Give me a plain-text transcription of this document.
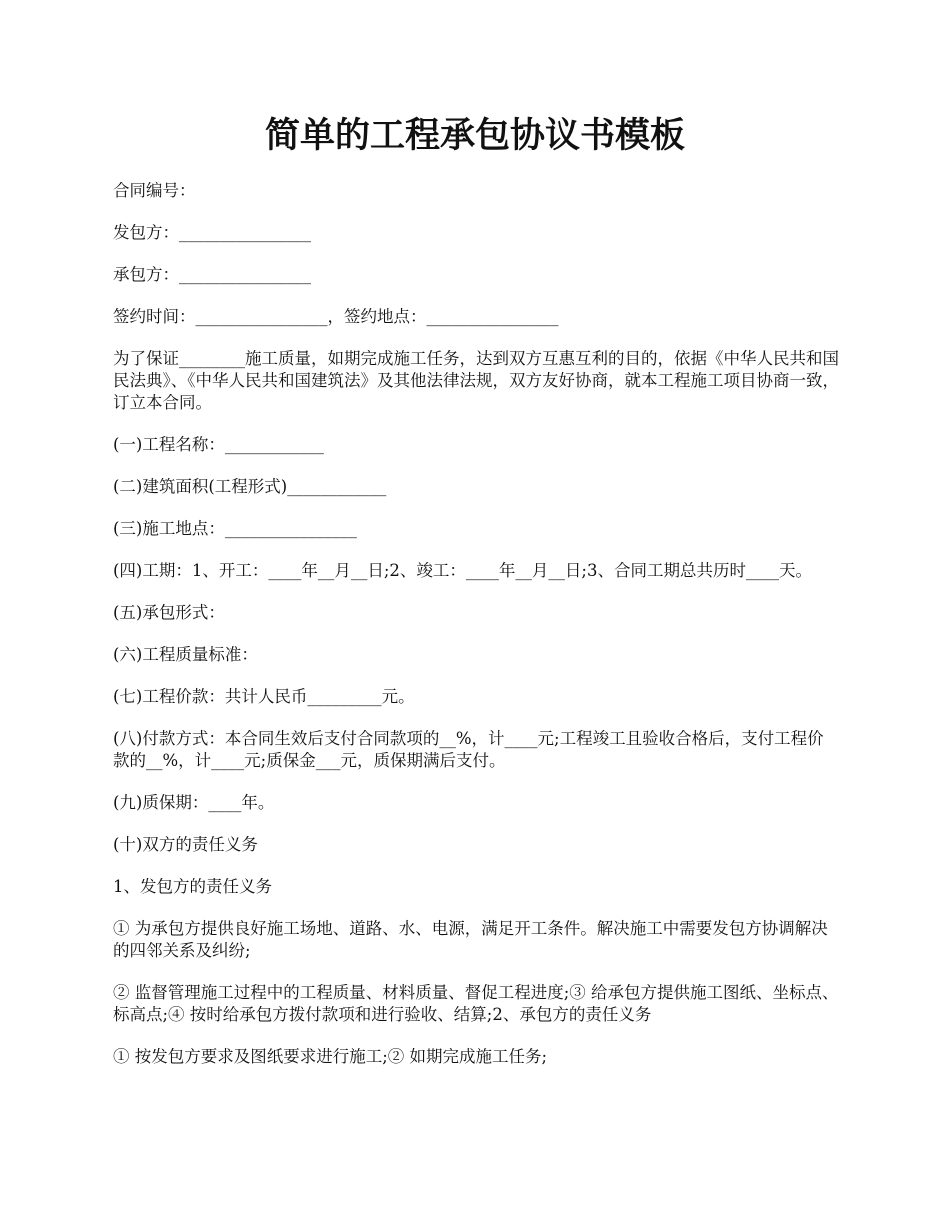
简单的工程承包协议书模板

合同编号：

发包方：________________

承包方：________________

签约时间：________________，签约地点：________________

为了保证________施工质量，如期完成施工任务，达到双方互惠互利的目的，依据《中华人民共和国民法典》、《中华人民共和国建筑法》及其他法律法规，双方友好协商，就本工程施工项目协商一致，订立本合同。

(一)工程名称：____________

(二)建筑面积(工程形式)____________

(三)施工地点：________________

(四)工期：1、开工：____年__月__日;2、竣工：____年__月__日;3、合同工期总共历时____天。

(五)承包形式：

(六)工程质量标准：

(七)工程价款：共计人民币_________元。

(八)付款方式：本合同生效后支付合同款项的__%，计____元;工程竣工且验收合格后，支付工程价款的__%，计____元;质保金___元，质保期满后支付。

(九)质保期：____年。

(十)双方的责任义务

1、发包方的责任义务

① 为承包方提供良好施工场地、道路、水、电源，满足开工条件。解决施工中需要发包方协调解决的四邻关系及纠纷;

② 监督管理施工过程中的工程质量、材料质量、督促工程进度;③ 给承包方提供施工图纸、坐标点、标高点;④ 按时给承包方拨付款项和进行验收、结算;2、承包方的责任义务

① 按发包方要求及图纸要求进行施工;② 如期完成施工任务;
